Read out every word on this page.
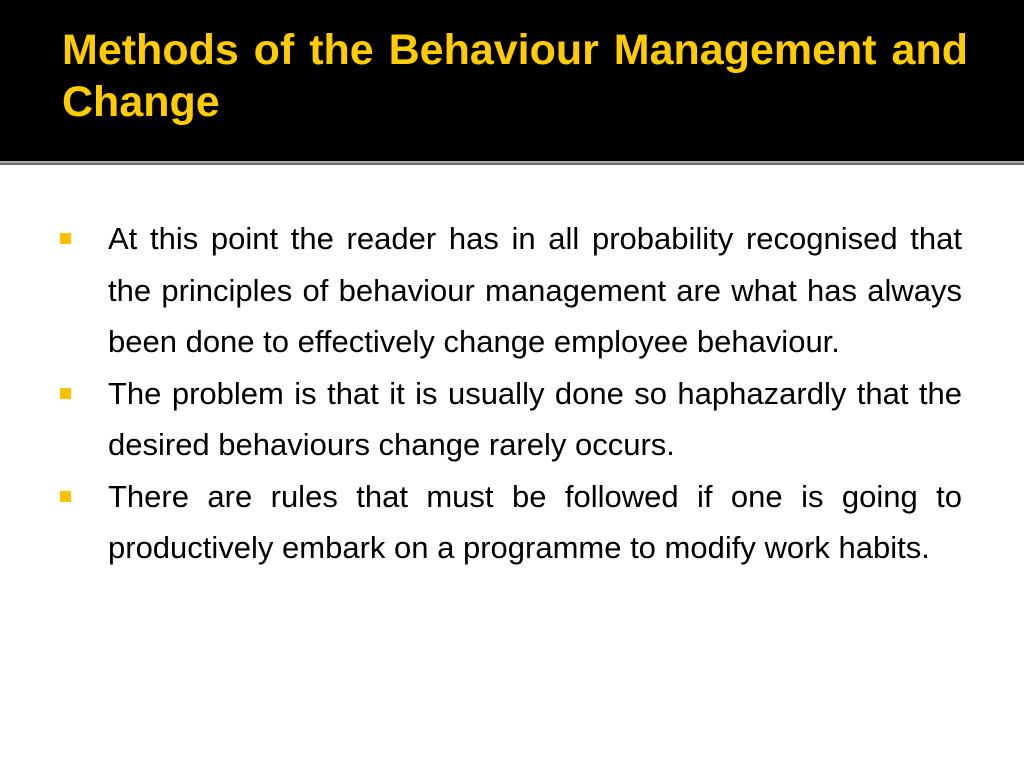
Methods of the Behaviour Management and Change
At this point the reader has in all probability recognised that the principles of behaviour management are what has always been done to effectively change employee behaviour.
The problem is that it is usually done so haphazardly that the desired behaviours change rarely occurs.
There are rules that must be followed if one is going to productively embark on a programme to modify work habits.
